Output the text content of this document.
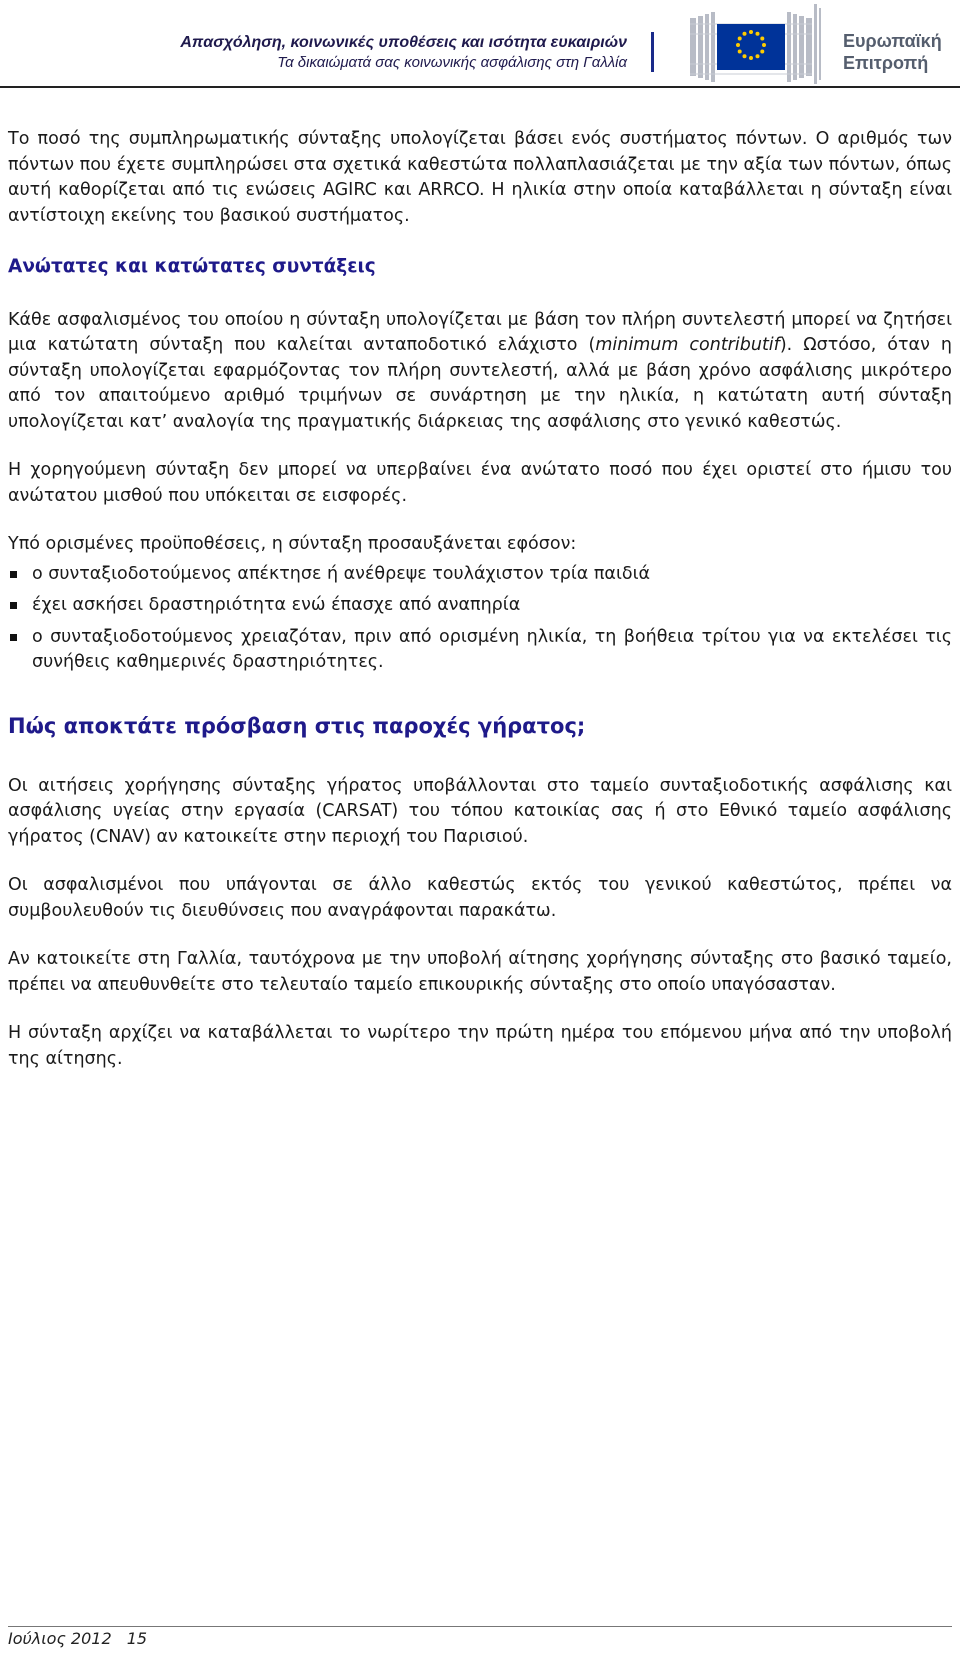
Απασχόληση, κοινωνικές υποθέσεις και ισότητα ευκαιριών
Τα δικαιώματά σας κοινωνικής ασφάλισης στη Γαλλία
Ευρωπαϊκή
Επιτροπή

Το ποσό της συμπληρωματικής σύνταξης υπολογίζεται βάσει ενός συστήματος πόντων. Ο αριθμός των πόντων που έχετε συμπληρώσει στα σχετικά καθεστώτα πολλαπλασιάζεται με την αξία των πόντων, όπως αυτή καθορίζεται από τις ενώσεις AGIRC και ARRCO. Η ηλικία στην οποία καταβάλλεται η σύνταξη είναι αντίστοιχη εκείνης του βασικού συστήματος.

Ανώτατες και κατώτατες συντάξεις

Κάθε ασφαλισμένος του οποίου η σύνταξη υπολογίζεται με βάση τον πλήρη συντελεστή μπορεί να ζητήσει μια κατώτατη σύνταξη που καλείται ανταποδοτικό ελάχιστο (minimum contributif). Ωστόσο, όταν η σύνταξη υπολογίζεται εφαρμόζοντας τον πλήρη συντελεστή, αλλά με βάση χρόνο ασφάλισης μικρότερο από τον απαιτούμενο αριθμό τριμήνων σε συνάρτηση με την ηλικία, η κατώτατη αυτή σύνταξη υπολογίζεται κατ’ αναλογία της πραγματικής διάρκειας της ασφάλισης στο γενικό καθεστώς.

Η χορηγούμενη σύνταξη δεν μπορεί να υπερβαίνει ένα ανώτατο ποσό που έχει οριστεί στο ήμισυ του ανώτατου μισθού που υπόκειται σε εισφορές.

Υπό ορισμένες προϋποθέσεις, η σύνταξη προσαυξάνεται εφόσον:

ο συνταξιοδοτούμενος απέκτησε ή ανέθρεψε τουλάχιστον τρία παιδιά
έχει ασκήσει δραστηριότητα ενώ έπασχε από αναπηρία
ο συνταξιοδοτούμενος χρειαζόταν, πριν από ορισμένη ηλικία, τη βοήθεια τρίτου για να εκτελέσει τις συνήθεις καθημερινές δραστηριότητες.
Πώς αποκτάτε πρόσβαση στις παροχές γήρατος;

Οι αιτήσεις χορήγησης σύνταξης γήρατος υποβάλλονται στο ταμείο συνταξιοδοτικής ασφάλισης και ασφάλισης υγείας στην εργασία (CARSAT) του τόπου κατοικίας σας ή στο Εθνικό ταμείο ασφάλισης γήρατος (CNAV) αν κατοικείτε στην περιοχή του Παρισιού.

Οι ασφαλισμένοι που υπάγονται σε άλλο καθεστώς εκτός του γενικού καθεστώτος, πρέπει να συμβουλευθούν τις διευθύνσεις που αναγράφονται παρακάτω.

Αν κατοικείτε στη Γαλλία, ταυτόχρονα με την υποβολή αίτησης χορήγησης σύνταξης στο βασικό ταμείο, πρέπει να απευθυνθείτε στο τελευταίο ταμείο επικουρικής σύνταξης στο οποίο υπαγόσασταν.

Η σύνταξη αρχίζει να καταβάλλεται το νωρίτερο την πρώτη ημέρα του επόμενου μήνα από την υποβολή της αίτησης.

Ιούλιος 2012 15
